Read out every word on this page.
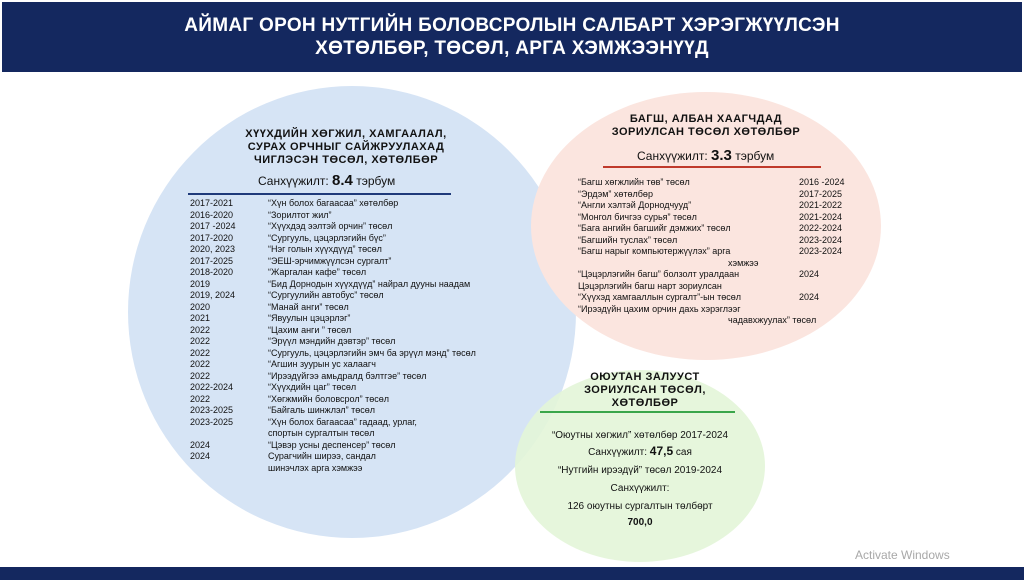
АЙМАГ ОРОН НУТГИЙН БОЛОВСРОЛЫН САЛБАРТ ХЭРЭГЖҮҮЛСЭН
ХӨТӨЛБӨР, ТӨСӨЛ, АРГА ХЭМЖЭЭНҮҮД
ХҮҮХДИЙН ХӨГЖИЛ, ХАМГААЛАЛ,
СУРАХ ОРЧНЫГ САЙЖРУУЛАХАД
ЧИГЛЭСЭН ТӨСӨЛ, ХӨТӨЛБӨР
Санхүүжилт: 8.4 тэрбум
2017-2021	“Хүн болох багаасаа” хөтөлбөр
2016-2020	“Зорилтот жил”
2017 -2024	“Хүүхдэд ээлтэй орчин” төсөл
2017-2020	“Сургууль, цэцэрлэгийн бүс”
2020, 2023	“Нэг голын хүүхдүүд” төсөл
2017-2025	“ЭЕШ-эрчимжүүлсэн сургалт”
2018-2020	“Жаргалан кафе” төсөл
2019	“Бид Дорнодын хүүхдүүд” найрал дууны наадам
2019, 2024	“Сургуулийн автобус” төсөл
2020	“Манай анги” төсөл
2021	“Явуулын цэцэрлэг”
2022	“Цахим анги ” төсөл
2022	“Эрүүл мэндийн дэвтэр” төсөл
2022	“Сургууль, цэцэрлэгийн эмч ба эрүүл мэнд” төсөл
2022	“Агшин зуурын ус халаагч
2022	“Ирээдүйгээ амьдралд бэлтгэе” төсөл
2022-2024	“Хүүхдийн цаг” төсөл
2022	“Хөгжмийн боловсрол” төсөл
2023-2025	“Байгаль шинжлэл” төсөл
2023-2025	“Хүн болох багаасаа” гадаад, урлаг,
спортын сургалтын төсөл
2024	“Цэвэр усны деспенсер” төсөл
2024	Сурагчийн ширээ, сандал
шинэчлэх арга хэмжээ
БАГШ, АЛБАН ХААГЧДАД
ЗОРИУЛСАН ТӨСӨЛ ХӨТӨЛБӨР
Санхүүжилт: 3.3 тэрбум
“Багш хөгжлийн төв” төсөл	2016 -2024
“Эрдэм” хөтөлбөр	2017-2025
“Англи хэлтэй Дорнодчууд”	2021-2022
“Монгол бичгээ сурья” төсөл	2021-2024
“Бага ангийн багшийг дэмжих” төсөл	2022-2024
“Багшийн туслах” төсөл	2023-2024
“Багш нарыг компьютержүүлэх” арга	2023-2024
хэмжээ
“Цэцэрлэгийн багш” болзолт уралдаан	2024
Цэцэрлэгийн багш нарт зориулсан
“Хүүхэд хамгааллын сургалт”-ын төсөл	2024
“Ирээдүйн цахим орчин дахь хэрэглээг
чадавхжуулах” төсөл
ОЮУТАН ЗАЛУУСТ
ЗОРИУЛСАН ТӨСӨЛ,
ХӨТӨЛБӨР
“Оюутны хөгжил” хөтөлбөр 2017-2024
Санхүүжилт: 47,5 сая
“Нутгийн ирээдүй” төсөл 2019-2024
Санхүүжилт:
126 оюутны сургалтын төлбөрт
700,0
Activate Windows
